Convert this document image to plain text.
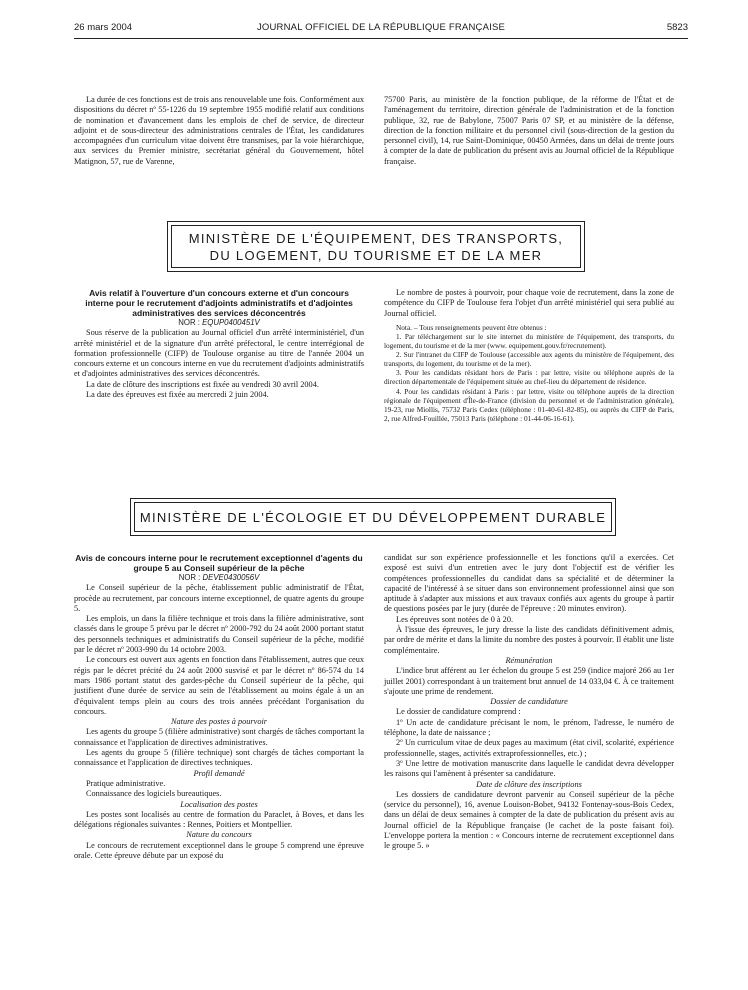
26 mars 2004	JOURNAL OFFICIEL DE LA RÉPUBLIQUE FRANÇAISE	5823

La durée de ces fonctions est de trois ans renouvelable une fois. Conformément aux dispositions du décret nº 55-1226 du 19 septembre 1955 modifié relatif aux conditions de nomination et d'avancement dans les emplois de chef de service, de directeur adjoint et de sous-directeur des administrations centrales de l'État, les candidatures accompagnées d'un curriculum vitae doivent être transmises, par la voie hiérarchique, aux services du Premier ministre, secrétariat général du Gouvernement, hôtel Matignon, 57, rue de Varenne,

75700 Paris, au ministère de la fonction publique, de la réforme de l'État et de l'aménagement du territoire, direction générale de l'administration et de la fonction publique, 32, rue de Babylone, 75007 Paris 07 SP, et au ministère de la défense, direction de la fonction militaire et du personnel civil (sous-direction de la gestion du personnel civil), 14, rue Saint-Dominique, 00450 Armées, dans un délai de trente jours à compter de la date de publication du présent avis au Journal officiel de la République française.

MINISTÈRE DE L'ÉQUIPEMENT, DES TRANSPORTS,
DU LOGEMENT, DU TOURISME ET DE LA MER
Avis relatif à l'ouverture d'un concours externe et d'un concours interne pour le recrutement d'adjoints administratifs et d'adjointes administratives des services déconcentrés

NOR : EQUP0400451V

Sous réserve de la publication au Journal officiel d'un arrêté interministériel, d'un arrêté ministériel et de la signature d'un arrêté préfectoral, le centre interrégional de formation professionnelle (CIFP) de Toulouse organise au titre de l'année 2004 un concours externe et un concours interne en vue du recrutement d'adjoints administratifs et d'adjointes administratives des services déconcentrés.

La date de clôture des inscriptions est fixée au vendredi 30 avril 2004.

La date des épreuves est fixée au mercredi 2 juin 2004.

Le nombre de postes à pourvoir, pour chaque voie de recrutement, dans la zone de compétence du CIFP de Toulouse fera l'objet d'un arrêté ministériel qui sera publié au Journal officiel.

Nota. – Tous renseignements peuvent être obtenus :

1. Par téléchargement sur le site internet du ministère de l'équipement, des transports, du logement, du tourisme et de la mer (www. equipement.gouv.fr/recrutement).

2. Sur l'intranet du CIFP de Toulouse (accessible aux agents du ministère de l'équipement, des transports, du logement, du tourisme et de la mer).

3. Pour les candidats résidant hors de Paris : par lettre, visite ou téléphone auprès de la direction départementale de l'équipement située au chef-lieu du département de résidence.

4. Pour les candidats résidant à Paris : par lettre, visite ou téléphone auprès de la direction régionale de l'équipement d'Île-de-France (division du personnel et de l'administration générale), 19-23, rue Miollis, 75732 Paris Cedex (téléphone : 01-40-61-82-85), ou auprès du CIFP de Paris, 2, rue Alfred-Fouillée, 75013 Paris (téléphone : 01-44-06-16-61).

MINISTÈRE DE L'ÉCOLOGIE ET DU DÉVELOPPEMENT DURABLE
Avis de concours interne pour le recrutement exceptionnel d'agents du groupe 5 au Conseil supérieur de la pêche

NOR : DEVE0430056V

Le Conseil supérieur de la pêche, établissement public administratif de l'État, procède au recrutement, par concours interne exceptionnel, de quatre agents du groupe 5.

Les emplois, un dans la filière technique et trois dans la filière administrative, sont classés dans le groupe 5 prévu par le décret nº 2000-792 du 24 août 2000 portant statut des personnels techniques et administratifs du Conseil supérieur de la pêche, modifié par le décret nº 2003-990 du 14 octobre 2003.

Le concours est ouvert aux agents en fonction dans l'établissement, autres que ceux régis par le décret précité du 24 août 2000 susvisé et par le décret nº 86-574 du 14 mars 1986 portant statut des gardes-pêche du Conseil supérieur de la pêche, qui justifient d'une durée de service au sein de l'établissement au moins égale à un an d'équivalent temps plein au cours des trois années précédant l'organisation du concours.

Nature des postes à pourvoir

Les agents du groupe 5 (filière administrative) sont chargés de tâches comportant la connaissance et l'application de directives administratives.

Les agents du groupe 5 (filière technique) sont chargés de tâches comportant la connaissance et l'application de directives techniques.

Profil demandé

Pratique administrative.

Connaissance des logiciels bureautiques.

Localisation des postes

Les postes sont localisés au centre de formation du Paraclet, à Boves, et dans les délégations régionales suivantes : Rennes, Poitiers et Montpellier.

Nature du concours

Le concours de recrutement exceptionnel dans le groupe 5 comprend une épreuve orale. Cette épreuve débute par un exposé du

candidat sur son expérience professionnelle et les fonctions qu'il a exercées. Cet exposé est suivi d'un entretien avec le jury dont l'objectif est de vérifier les compétences professionnelles du candidat dans sa spécialité et de déterminer la capacité de l'intéressé à se situer dans son environnement professionnel ainsi que son aptitude à s'adapter aux missions et aux travaux confiés aux agents du groupe à partir de questions posées par le jury (durée de l'épreuve : 20 minutes environ).

Les épreuves sont notées de 0 à 20.

À l'issue des épreuves, le jury dresse la liste des candidats définitivement admis, par ordre de mérite et dans la limite du nombre des postes à pourvoir. Il établit une liste complémentaire.

Rémunération

L'indice brut afférent au 1er échelon du groupe 5 est 259 (indice majoré 266 au 1er juillet 2001) correspondant à un traitement brut annuel de 14 033,04 €. À ce traitement s'ajoute une prime de rendement.

Dossier de candidature

Le dossier de candidature comprend :

1º Un acte de candidature précisant le nom, le prénom, l'adresse, le numéro de téléphone, la date de naissance ;

2º Un curriculum vitae de deux pages au maximum (état civil, scolarité, expérience professionnelle, stages, activités extraprofessionnelles, etc.) ;

3º Une lettre de motivation manuscrite dans laquelle le candidat devra développer les raisons qui l'amènent à présenter sa candidature.

Date de clôture des inscriptions

Les dossiers de candidature devront parvenir au Conseil supérieur de la pêche (service du personnel), 16, avenue Louison-Bobet, 94132 Fontenay-sous-Bois Cedex, dans un délai de deux semaines à compter de la date de publication du présent avis au Journal officiel de la République française (le cachet de la poste faisant foi). L'enveloppe portera la mention : « Concours interne de recrutement exceptionnel dans le groupe 5. »
